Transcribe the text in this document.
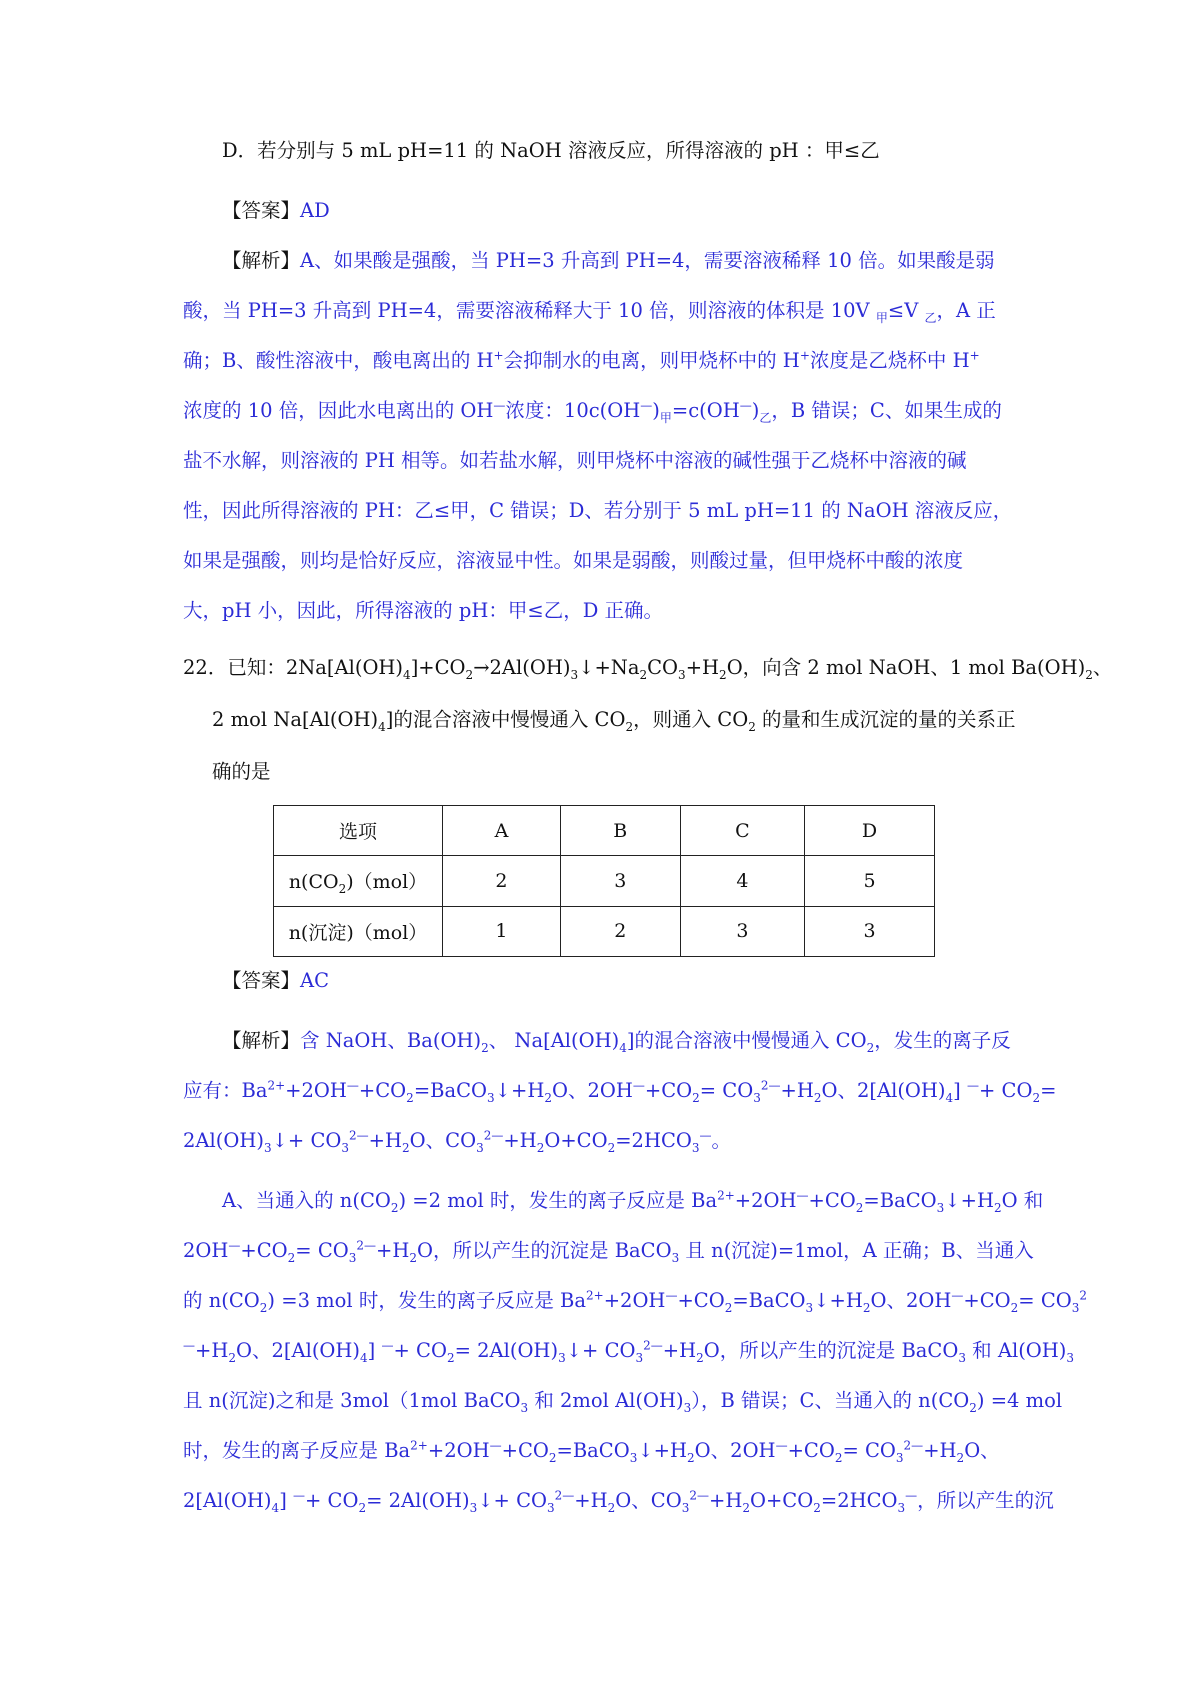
D．若分别与 5 mL pH=11 的 NaOH 溶液反应，所得溶液的 pH ：甲≤乙
【答案】AD
【解析】A、如果酸是强酸，当 PH=3 升高到 PH=4，需要溶液稀释 10 倍。如果酸是弱
酸，当 PH=3 升高到 PH=4，需要溶液稀释大于 10 倍，则溶液的体积是 10V $_甲$≤V $_乙$，A 正
确；B、酸性溶液中，酸电离出的 H+会抑制水的电离，则甲烧杯中的 H+浓度是乙烧杯中 H+
浓度的 10 倍，因此水电离出的 OH—浓度：$10c(OH^—)_甲=c(OH^—)_乙$，B 错误；C、如果生成的
盐不水解，则溶液的 PH 相等。如若盐水解，则甲烧杯中溶液的碱性强于乙烧杯中溶液的碱
性，因此所得溶液的 PH：乙≤甲，C 错误；D、若分别于 5 mL pH=11 的 NaOH 溶液反应，
如果是强酸，则均是恰好反应，溶液显中性。如果是弱酸，则酸过量，但甲烧杯中酸的浓度
大，pH 小，因此，所得溶液的 pH：甲≤乙，D 正确。
22．已知：$2Na[Al(OH)_4]+CO_2\to 2Al(OH)_3↓+Na_2CO_3+H_2O$，向含 2 mol NaOH、1 mol $Ba(OH)_2$、
2 mol $Na[Al(OH)_4]$的混合溶液中慢慢通入 $CO_2$，则通入 $CO_2$ 的量和生成沉淀的量的关系正
确的是
【答案】AC
【解析】含 NaOH、$Ba(OH)_2$、 $Na[Al(OH)_4]$的混合溶液中慢慢通入 $CO_2$，发生的离子反
应有：$Ba^{2+}+2OH^—+CO_2=BaCO_3↓+H_2O$、$2OH^—+CO_2= CO_3^{2—}+H_2O$、$2[Al(OH)_4]$ $^—+ CO_2=$
$2Al(OH)_3↓+ CO_3^{2—}+H_2O$、$CO_3^{2—}+H_2O+CO_2=2HCO_3^—$。
A、当通入的 $n(CO_2) =2$ mol 时，发生的离子反应是 $Ba^{2+}+2OH^—+CO_2=BaCO_3↓+H_2O$ 和
$2OH^—+CO_2= CO_3^{2—}+H_2O$，所以产生的沉淀是 BaCO$_3$ 且 n(沉淀)=1mol，A 正确；B、当通入
的 $n(CO_2) =3$ mol 时，发生的离子反应是 $Ba^{2+}+2OH^—+CO_2=BaCO_3↓+H_2O$、$2OH^—+CO_2= CO_3^2$
$^—+H_2O$、$2[Al(OH)_4]$ $^—+ CO_2=$ $2Al(OH)_3↓+ CO_3^{2—}+H_2O$，所以产生的沉淀是 BaCO$_3$ 和 $Al(OH)_3$
且 n(沉淀)之和是 3mol（1mol BaCO$_3$ 和 2mol $Al(OH)_3$），B 错误；C、当通入的 $n(CO_2) =4$ mol
时，发生的离子反应是 $Ba^{2+}+2OH^—+CO_2=BaCO_3↓+H_2O$、$2OH^—+CO_2= CO_3^{2—}+H_2O$、
$2[Al(OH)_4]$ $^—+ CO_2=$ $2Al(OH)_3↓+ CO_3^{2—}+H_2O$、$CO_3^{2—}+H_2O+CO_2=2HCO_3^—$，所以产生的沉
选项	A	B	C	D
$n(CO_2)(mol)$	2	3	4	5
n(沉淀)（mol）	1	2	3	3
